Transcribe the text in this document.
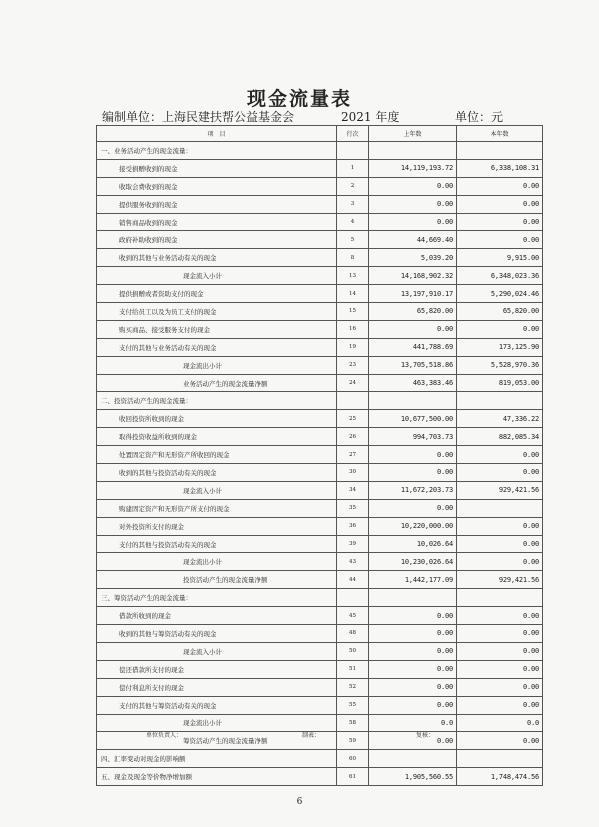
现金流量表
编制单位：上海民建扶帮公益基金会	2021 年度	单位：元
项　目	行次	上年数	本年数
一、业务活动产生的现金流量：			
接受捐赠收到的现金	1	14,119,193.72	6,338,108.31
收取会费收到的现金	2	0.00	0.00
提供服务收到的现金	3	0.00	0.00
销售商品收到的现金	4	0.00	0.00
政府补助收到的现金	5	44,669.40	0.00
收到的其他与业务活动有关的现金	8	5,039.20	9,915.00
现金流入小计	13	14,168,902.32	6,348,023.36
提供捐赠或者资助支付的现金	14	13,197,910.17	5,290,024.46
支付给员工以及为员工支付的现金	15	65,820.00	65,820.00
购买商品、接受服务支付的现金	16	0.00	0.00
支付的其他与业务活动有关的现金	19	441,788.69	173,125.90
现金流出小计	23	13,705,518.86	5,528,970.36
业务活动产生的现金流量净额	24	463,383.46	819,053.00
二、投资活动产生的现金流量：			
收回投资所收到的现金	25	10,677,500.00	47,336.22
取得投资收益所收到的现金	26	994,703.73	882,085.34
处置固定资产和无形资产所收回的现金	27	0.00	0.00
收到的其他与投资活动有关的现金	30	0.00	0.00
现金流入小计	34	11,672,203.73	929,421.56
购建固定资产和无形资产所支付的现金	35	0.00	
对外投资所支付的现金	36	10,220,000.00	0.00
支付的其他与投资活动有关的现金	39	10,026.64	0.00
现金流出小计	43	10,230,026.64	0.00
投资活动产生的现金流量净额	44	1,442,177.09	929,421.56
三、筹资活动产生的现金流量：			
借款所收到的现金	45	0.00	0.00
收到的其他与筹资活动有关的现金	48	0.00	0.00
现金流入小计	50	0.00	0.00
偿还借款所支付的现金	51	0.00	0.00
偿付利息所支付的现金	52	0.00	0.00
支付的其他与筹资活动有关的现金	55	0.00	0.00
现金流出小计	58	0.0	0.0
筹资活动产生的现金流量净额	59	0.00	0.00
四、汇率变动对现金的影响额	60		
五、现金及现金等价物净增加额	61	1,905,560.55	1,748,474.56
单位负责人：	制表：	复核：
6
